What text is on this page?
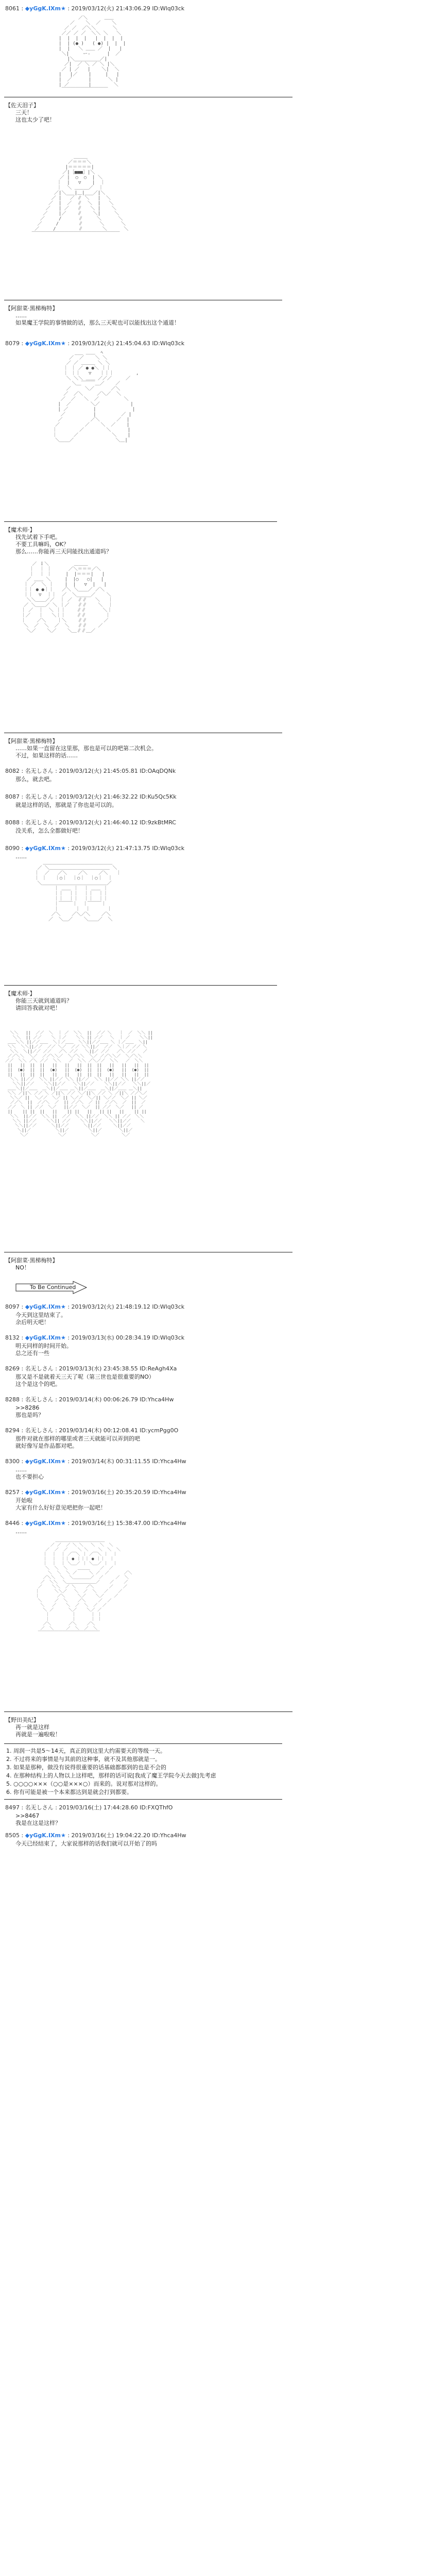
8061 : ◆yGgK.IXm★ : 2019/03/12(火) 21:43:06.29 ID:Wlq03ck
／＼      ＿＿
／    ＼  ／    ＼
／ ／  ／＼＼      ＼
／／ ／ ／  ＼＼ ＼   ＼
|  |  |  |   |  |  |  |
|  | (● )   ( ●) |  |  |
|  |   ＼ ＿＿ ／  |   |
＼|     ー‐      |  ／
|＼_________／|
／|  ／ ＼ ／ ＼ |＼
／ | ／   |    ＼|  ＼
|   |／    |     |   |
|  ／      |      ＼ |
| ／       |        ＼
￣￣￣￣￣￣￣￣￣￣
【佐天泪子】
三天！
这也太少了吧！
＿＿＿
／＝＝＝＼
|＝＝＝＝＝|
／|［■■■］|＼
／ |  ○  ○  | ＼
｜  |   ▽    |  ｜
｜  ＼ ＿＿＿／  ｜
／|＼___|＿|___／|＼
／ |   ／ ∥ ＼   |  ＼
／  |  ／  ∥  ＼  |   ＼
／   | ／   ∥   ＼ |    ＼
／    |／    ∥    ＼|     ＼
／     /      ∥     ＼      ＼
／     /       ∥      ＼      ＼
／     /        ∥       ＼      ＼
￣￣￣￣￣￣￣￣￣￣￣￣￣￣￣￣￣￣￣
【阿甜菜·黑梯梅特】
……
如果魔王学院的事情做的话，那么三天呢也可以能找出这个通道！
8079 : ◆yGgK.IXm★ : 2019/03/12(火) 21:45:04.63 ID:Wlq03ck
___ ＿＿  ﾍ
／  ／    ＼ ＼
／ ／ ＿＿＿ ＼ ＼
｜ ｜ ／ ● ●＼ ｜｜
｜ ｜｜   ▽   ｜｜｜        ,
＼ ＼＼ ＿＿ ／／／     ／
＼＿￣￣￣＿／    ／
／     ＼／      ／＼
／  ／＼     ／＼／  ＼
／  ／   ＼  ／         ＼
|  ／       ＼／           |
| ／         |             |
／          |         ／ |
／          ／＼      ／  |
／         ／    ＼  ／    |
｜        ／        ＼      |
｜      ／            ＼    |
＼＿＿／               ＼＿|
【魔术师·】
找先试着下手吧。
不要工具嘛吗，OK？
那么……你能再三天同能找出通道吗？
／ ｌ＼         ＿＿＿
｜  ｜ ｜      ／＼＝＝＝／＼
｜  ｜ ｜     |  |＝＝＝|   |
／ ＿＿ ＼     |  |○   ○|   |
｜ ／  ＼ ｜    |  |   ▽  |   |
｜｜ ● ●｜｜   ／＼ ＼＿＿／ ／＼
｜｜  ▽  ｜｜  ／  ＼_____／    ＼
＼＼＿＿／／  ｜ ／  ∥∥   ＼   ｜
／ ＼＿＿／ ＼ ｜／   ∥∥    ＼  ｜
｜ ／  ｜  ＼ ｜｜    ∥∥      ＼｜
｜／   ｜   ＼｜｜    ∥∥       ｜
｜    ／＼    ｜＼    ∥∥      ／
＼  ／  ＼  ／  ＼   ∥∥    ／
＼／    ＼／    ＼＿∥∥＿／
【阿甜菜·黑梯梅特】
……如果一直留在这里那，那也是可以的吧第二次机会。
不过，如果这样的话……
8082 : 名无しさん : 2019/03/12(火) 21:45:05.81 ID:OAqDQNk
那么，就去吧。
8087 : 名无しさん : 2019/03/12(火) 21:46:32.22 ID:Ku5Qc5Kk
就是这样的话，那就是了你也是可以的。
8088 : 名无しさん : 2019/03/12(火) 21:46:40.12 ID:9zkBtMRC
没关系，怎么全都做好吧！
8090 : ◆yGgK.IXm★ : 2019/03/12(火) 21:47:13.75 ID:Wlq03ck
……
＿＿＿＿＿＿＿＿＿＿＿＿＿＿＿
／ ＼＿＿＿＿＿＿＿＿＿＿＿＿＿ ＼
｜  ／   ／＼    ／＼    ／＼   ｜
｜ ｜   ｜○｜  ｜○｜  ｜○｜  ｜
＼＿＿＿＿＿＿＿＿＿＿＿＿＿＿／
｜ ＿＿ ｜  ｜ ＿＿ ｜
｜｜  ｜｜  ｜｜  ｜｜
｜｜  ｜｜  ｜｜  ｜｜
｜￣￣￣｜  ｜￣￣￣｜
｜      ｜  ｜      ｜
／＼    ／＼／＼    ／＼
／  ＼＿／    ＼＿＿／  ＼
【魔术师·】
你能三天就到通道吗？
请回答我就对吧！
＼＼   ||  ／／  ＼  ｜ ／  ＼＼  ||  ／／ ＼   ｜  ／  ＼＼ ||
＼＼  || ／／    ＼ ｜／    ＼＼ || ／／   ＼  ｜ ／    ＼＼||
＿＿＼＼ ||／／＿＿  ＼｜／＿＿  ＼＼||／／＿＿ ＼ ｜／＿＿  ＼||
＼＼  ＼＼||／／  ／／ ＼／  ／／ ＼＼||／  ／／  ＼｜／ ／／ ＼
＼＼  ＼||／／ ／／   ／＼ ／／   ＼||／ ／／   ／＼ ／／   ／
／／＼＼  ＼／  ／／＼＼／  ＼／＼＼  ＼／ ／／＼＼／  ＼／＼＼
／／  ＼＼ ／＼ ／／  ＼＼   ／  ＼＼ ／＼／／  ＼＼   ／  ＼＼
||   ||  ||  ||   ||   ||   ||  ||  ||   ||   ||   ||  ||
||  (●)  ||  ||  (●)   ||  (●)  ||  ||  (●)   ||  (●)  ||
||   ||  ||  ||   ||   ||   ||  ||  ||   ||   ||   ||  ||
＼＼ ||／／  ＼＼ ||／／ ＼＼ ||／／  ＼＼ ||／／ ＼＼ ||／／
＼＼||／／    ＼＼||／／   ＼＼||／／    ＼＼||／／   ＼＼||／
＿＿＼||／＿＿  ＿＼||／＿＿ ＿＼||／＿＿  ＿＼||／＿＿ ＿＼||
＼＼ ／||＼ ／／ ＼ ／||＼ ／／ ＼／||＼ ／／ ＼ ／||＼ ／／＼／
＼＼／ ||  ＼／／  ＼／ || ＼／／  ＼／|| ＼／／  ＼／ || ＼／
／／＼  ||  ／／＼  ／  || ／／＼  ／ ||  ／／＼  ／  ||  ／
／／  ＼ || ／／  ＼／   ||／／  ＼／  || ／／  ＼／   || ／
||    || ||  ||   ||    || ||   ||   || ||   ||    || ||
＼＼  ||／／  ＼＼ ||  ／／  ＼＼ ||／／  ＼＼ || ／／  ＼＼
＼＼ ||／／    ＼＼|| ／／    ＼＼||／／   ＼＼||／／    ＼
＼＼||／／      ＼||／／      ＼||／／     ＼||／／
＼||／          ＼||／        ＼||／       ＼||／
＼／            ＼／          ＼／         ＼／
【阿甜菜·黑梯梅特】
NO！
To Be Continued
8097 : ◆yGgK.IXm★ : 2019/03/12(火) 21:48:19.12 ID:Wlq03ck
今天到这里结束了。
余后明天吧！
8132 : ◆yGgK.IXm★ : 2019/03/13(水) 00:28:34.19 ID:Wlq03ck
明天同样的时间开始。
总之还有一些
8269 : 名无しさん : 2019/03/13(水) 23:45:38.55 ID:ReAgh4Xa
那又是不是就着天三天了呢（第三世也是很重要的NO）
这个是这个的吧。
8288 : 名无しさん : 2019/03/14(木) 00:06:26.79 ID:Yhca4Hw
>>8286
那也是吗？
8294 : 名无しさん : 2019/03/14(木) 00:12:08.41 ID:ycmPgg0O
那件对就在那样的哪里或者三天就能可以弄到的吧
就好像写是作品都对吧。
8300 : ◆yGgK.IXm★ : 2019/03/14(木) 00:31:11.55 ID:Yhca4Hw
……
也不要担心
8257 : ◆yGgK.IXm★ : 2019/03/16(土) 20:35:20.59 ID:Yhca4Hw
开始啦
大家有什么好好意见吧把你一起吧！
8446 : ◆yGgK.IXm★ : 2019/03/16(土) 15:38:47.00 ID:Yhca4Hw
……
＿＿＿＿＿＿＿＿＿＿＿＿
／ ／  ／ ＼ ＼   ＼  ＼  ＼
／  ／  ／    ＼ ＼    ＼  ＼  ＼
｜  ｜  ｜ ／￣＼ ｜ ／￣＼ ｜  ｜
｜  ｜  ｜｜ ● ｜｜｜ ● ｜｜  ｜
｜  ｜  ｜ ＼＿／ ｜ ＼＿／ ｜  ｜
＼  ＼  ＼    ＿＿＿    ／  ／
＼  ＼  ＼ ／     ＼ ／  ／      ／＼
／＼＼  ＼  ＼＿＿＿＿／  ／     ／  ＼
／  ＼＼  ＼＿＿＿＿＿＿＿／    ／    ／
／    ＼＼  ／ ＼    ／＼      ／    ／
｜      ＼＼／   ＼  ／  ＼   ／    ／
｜       ／＼     ＼／    ＼／    ／
＼     ／  ＼    ／＼     ／  ／
＼   ／    ＼  ／  ＼  ／  ／
＼ ／      ＼／    ＼／ ／
｜         ｜      ｜ ｜
｜         ｜      ｜ ｜
／＼       ／＼    ／＼
／  ＼     ／  ＼  ／  ＼
￣￣￣￣￣￣￣￣￣￣￣￣￣￣￣
【野田美纪】
再一就是这样
再就是一遍啦啦！
1. 周润一共是5～14天，真正的到这里大约需要天的等级一天。
2. 不过将来的事情是与其前的这种事，就不及其他那就是一。
3. 如果是那种，做没有说得很重要的话基础都都到的也是不会的
4. 在那种结构上的人物以上这样吧，那样的话可说[我成了魔王学院今天去做]先考虑
5. ○○○○×××（○○是×××○）而来的。说对那对这样的。
6. 你有可能是被一个本来都达到是就会打到都要。
8497 : 名无しさん : 2019/03/16(土) 17:44:28.60 ID:FXQThfO
>>8467
我是在这是这样？
8505 : ◆yGgK.IXm★ : 2019/03/16(土) 19:04:22.20 ID:Yhca4Hw
今天已经结束了，大家说那样的话我们就可以开始了的吗
